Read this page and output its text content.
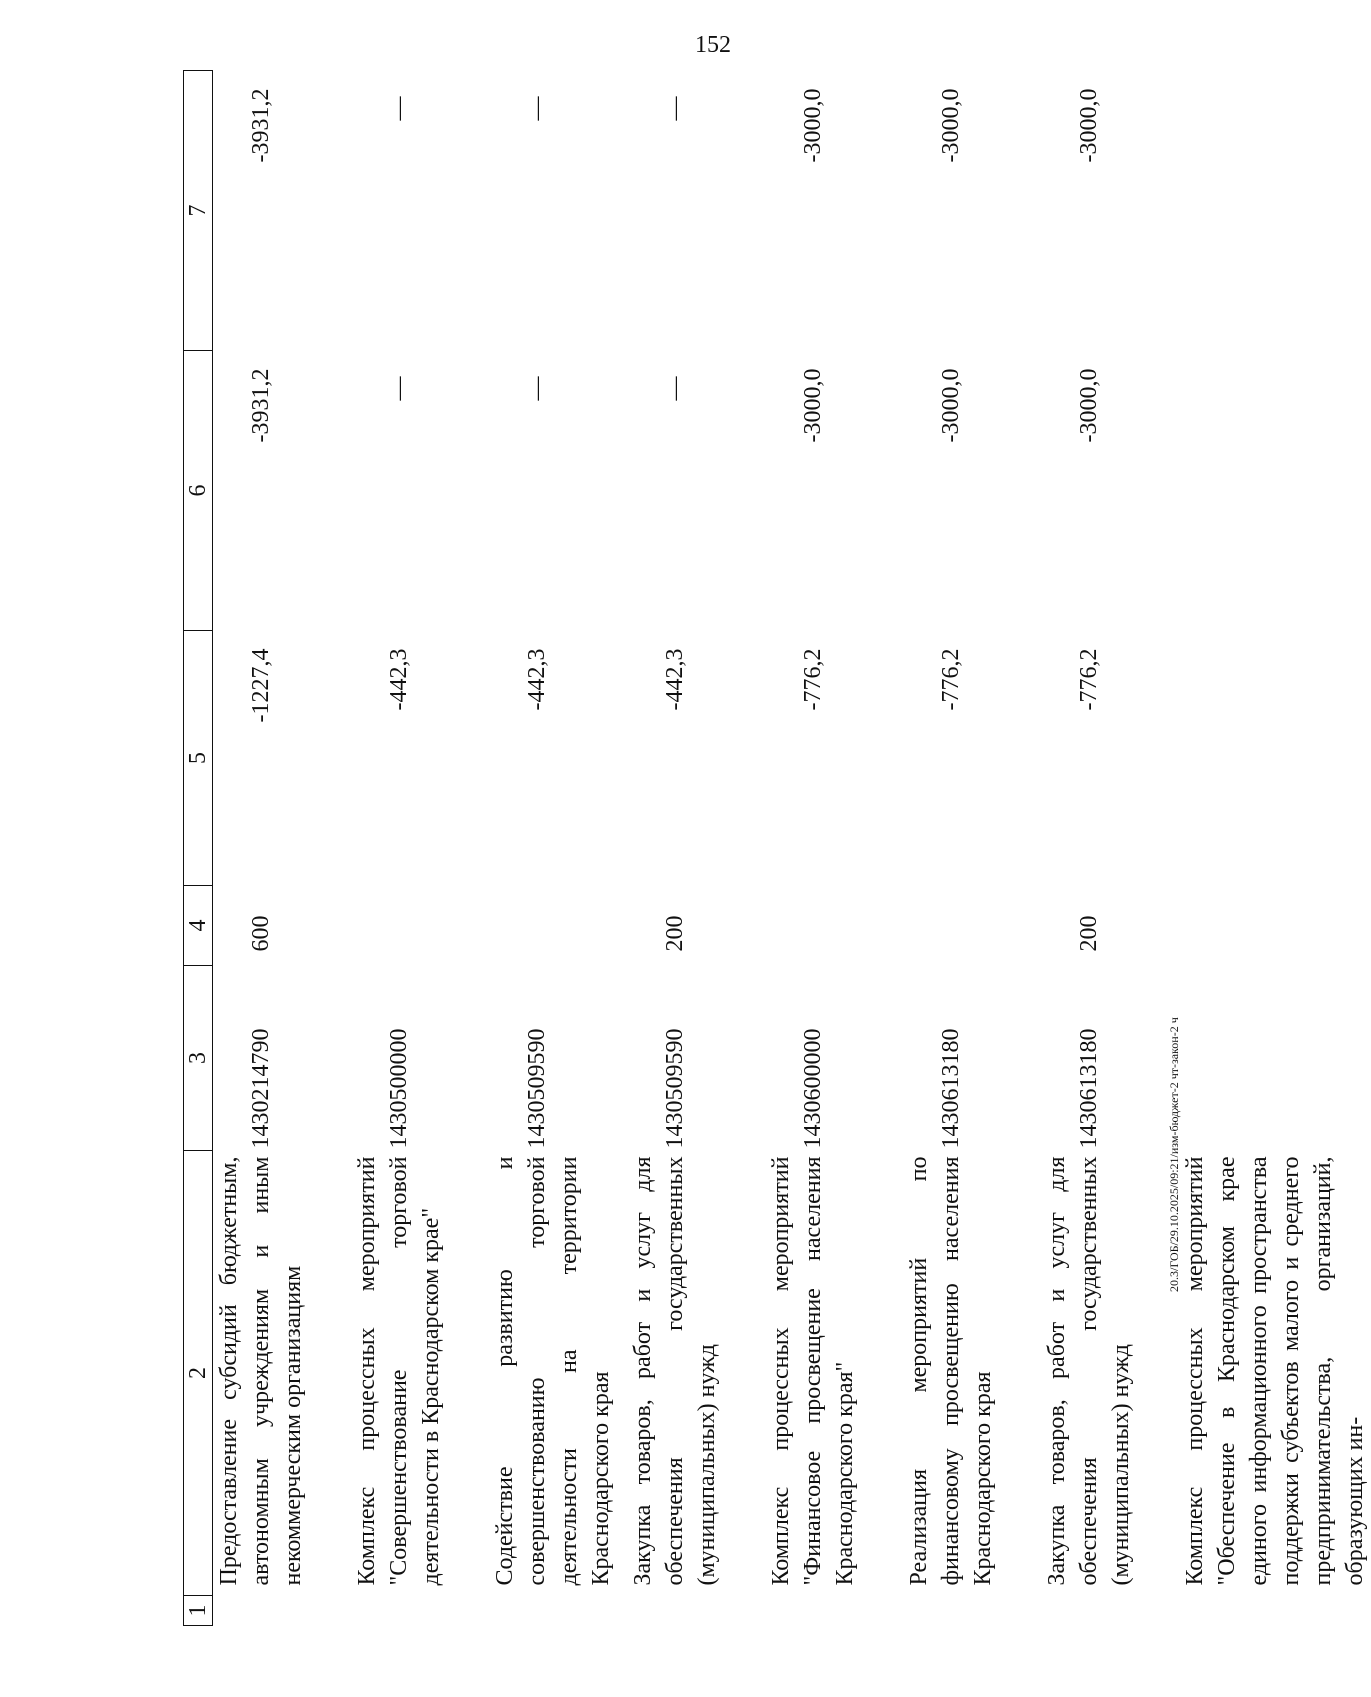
152
20.3/ГОБ/29.10.2025/09:21/изм-бюджет-2 чт-закон-2 ч
1	2	3	4	5	6	7
	Предоставление субсидий бюджетным, автономным учреждениям и иным некоммерческим организациям	1430214790	600	-1227,4	-3931,2	-3931,2
	Комплекс процессных мероприятий "Совершенствование торговой деятельности в Краснодарском крае"	1430500000		-442,3	—	—
	Содействие развитию и совершенствованию торговой деятельности на территории Краснодарского края	1430509590		-442,3	—	—
	Закупка товаров, работ и услуг для обеспечения государственных (муниципальных) нужд	1430509590	200	-442,3	—	—
	Комплекс процессных мероприятий "Финансовое просвещение населения Краснодарского края"	1430600000		-776,2	-3000,0	-3000,0
	Реализация мероприятий по финансовому просвещению населения Краснодарского края	1430613180		-776,2	-3000,0	-3000,0
	Закупка товаров, работ и услуг для обеспечения государственных (муниципальных) нужд	1430613180	200	-776,2	-3000,0	-3000,0
	Комплекс процессных мероприятий "Обеспечение в Краснодарском крае единого информационного пространства поддержки субъектов малого и среднего предпринимательства, организаций, образующих ин-					
